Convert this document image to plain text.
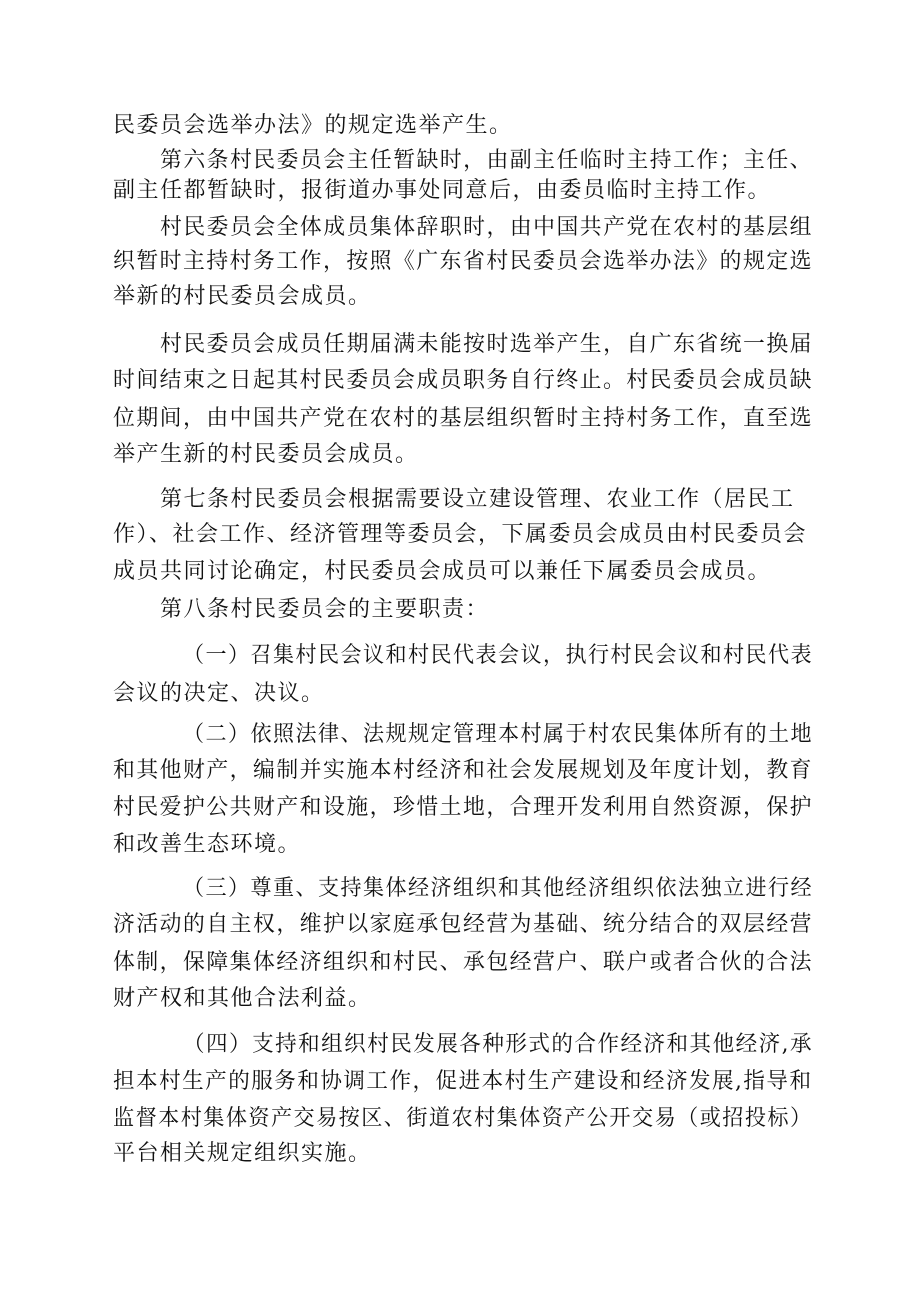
民委员会选举办法》的规定选举产生。
第六条村民委员会主任暂缺时，由副主任临时主持工作；主任、
副主任都暂缺时，报街道办事处同意后，由委员临时主持工作。
村民委员会全体成员集体辞职时，由中国共产党在农村的基层组
织暂时主持村务工作，按照《广东省村民委员会选举办法》的规定选
举新的村民委员会成员。
村民委员会成员任期届满未能按时选举产生，自广东省统一换届
时间结束之日起其村民委员会成员职务自行终止。村民委员会成员缺
位期间，由中国共产党在农村的基层组织暂时主持村务工作，直至选
举产生新的村民委员会成员。
第七条村民委员会根据需要设立建设管理、农业工作（居民工
作）、社会工作、经济管理等委员会，下属委员会成员由村民委员会
成员共同讨论确定，村民委员会成员可以兼任下属委员会成员。
第八条村民委员会的主要职责：
（一）召集村民会议和村民代表会议，执行村民会议和村民代表
会议的决定、决议。
（二）依照法律、法规规定管理本村属于村农民集体所有的土地
和其他财产，编制并实施本村经济和社会发展规划及年度计划，教育
村民爱护公共财产和设施，珍惜土地，合理开发利用自然资源，保护
和改善生态环境。
（三）尊重、支持集体经济组织和其他经济组织依法独立进行经
济活动的自主权，维护以家庭承包经营为基础、统分结合的双层经营
体制，保障集体经济组织和村民、承包经营户、联户或者合伙的合法
财产权和其他合法利益。
（四）支持和组织村民发展各种形式的合作经济和其他经济,承
担本村生产的服务和协调工作，促进本村生产建设和经济发展,指导和
监督本村集体资产交易按区、街道农村集体资产公开交易（或招投标）
平台相关规定组织实施。
